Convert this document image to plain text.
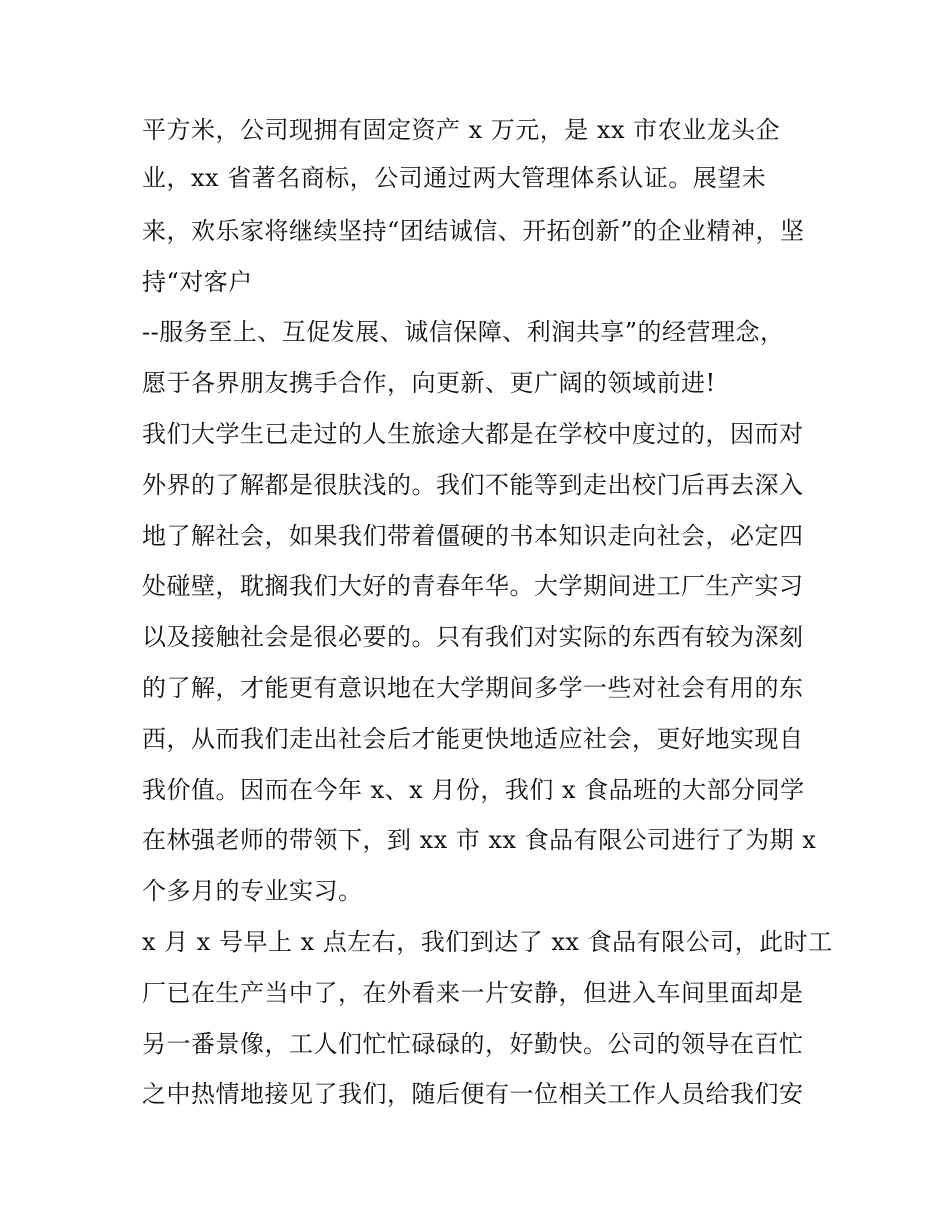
平方米，公司现拥有固定资产 x 万元，是 xx 市农业龙头企
业，xx 省著名商标，公司通过两大管理体系认证。展望未
来，欢乐家将继续坚持“团结诚信、开拓创新”的企业精神，坚
持“对客户
--服务至上、互促发展、诚信保障、利润共享”的经营理念，
愿于各界朋友携手合作，向更新、更广阔的领域前进!
我们大学生已走过的人生旅途大都是在学校中度过的，因而对
外界的了解都是很肤浅的。我们不能等到走出校门后再去深入
地了解社会，如果我们带着僵硬的书本知识走向社会，必定四
处碰壁，耽搁我们大好的青春年华。大学期间进工厂生产实习
以及接触社会是很必要的。只有我们对实际的东西有较为深刻
的了解，才能更有意识地在大学期间多学一些对社会有用的东
西，从而我们走出社会后才能更快地适应社会，更好地实现自
我价值。因而在今年 x、x 月份，我们 x 食品班的大部分同学
在林强老师的带领下，到 xx 市 xx 食品有限公司进行了为期 x
个多月的专业实习。
x 月 x 号早上 x 点左右，我们到达了 xx 食品有限公司，此时工
厂已在生产当中了，在外看来一片安静，但进入车间里面却是
另一番景像，工人们忙忙碌碌的，好勤快。公司的领导在百忙
之中热情地接见了我们，随后便有一位相关工作人员给我们安
